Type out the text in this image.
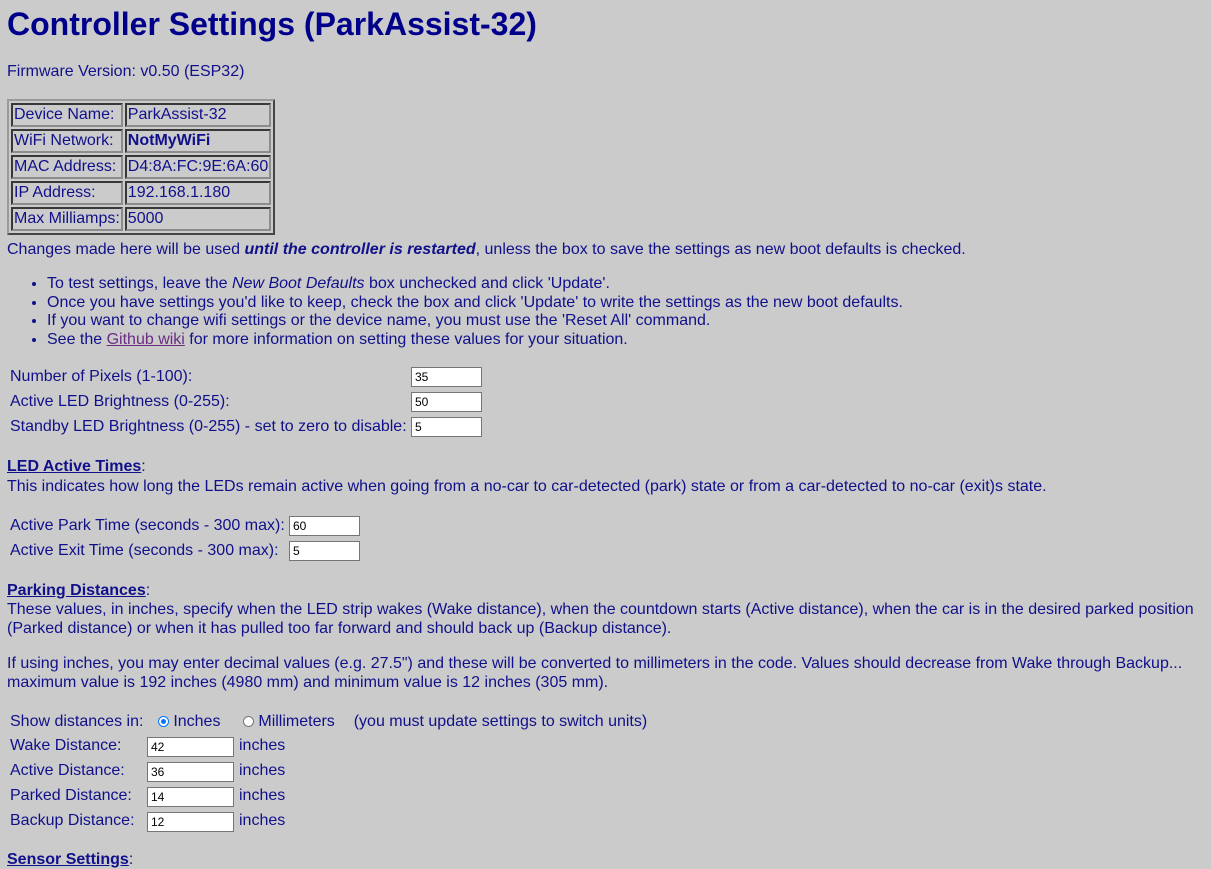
Controller Settings (ParkAssist-32)
Firmware Version: v0.50 (ESP32)
Device Name:	ParkAssist-32
WiFi Network:	NotMyWiFi
MAC Address:	D4:8A:FC:9E:6A:60
IP Address:	192.168.1.180
Max Milliamps:	5000
Changes made here will be used until the controller is restarted, unless the box to save the settings as new boot defaults is checked.
• To test settings, leave the New Boot Defaults box unchecked and click 'Update'.
• Once you have settings you'd like to keep, check the box and click 'Update' to write the settings as the new boot defaults.
• If you want to change wifi settings or the device name, you must use the 'Reset All' command.
• See the Github wiki for more information on setting these values for your situation.
Number of Pixels (1-100):
35
Active LED Brightness (0-255):
50
Standby LED Brightness (0-255) - set to zero to disable:
5
LED Active Times:
This indicates how long the LEDs remain active when going from a no-car to car-detected (park) state or from a car-detected to no-car (exit)s state.
Active Park Time (seconds - 300 max):
60
Active Exit Time (seconds - 300 max):
5
Parking Distances:
These values, in inches, specify when the LED strip wakes (Wake distance), when the countdown starts (Active distance), when the car is in the desired parked position (Parked distance) or when it has pulled too far forward and should back up (Backup distance).
If using inches, you may enter decimal values (e.g. 27.5") and these will be converted to millimeters in the code. Values should decrease from Wake through Backup... maximum value is 192 inches (4980 mm) and minimum value is 12 inches (305 mm).
Show distances in: Inches Millimeters (you must update settings to switch units)
Wake Distance:
42	inches
Active Distance:
36	inches
Parked Distance:
14	inches
Backup Distance:
12	inches
Sensor Settings:
